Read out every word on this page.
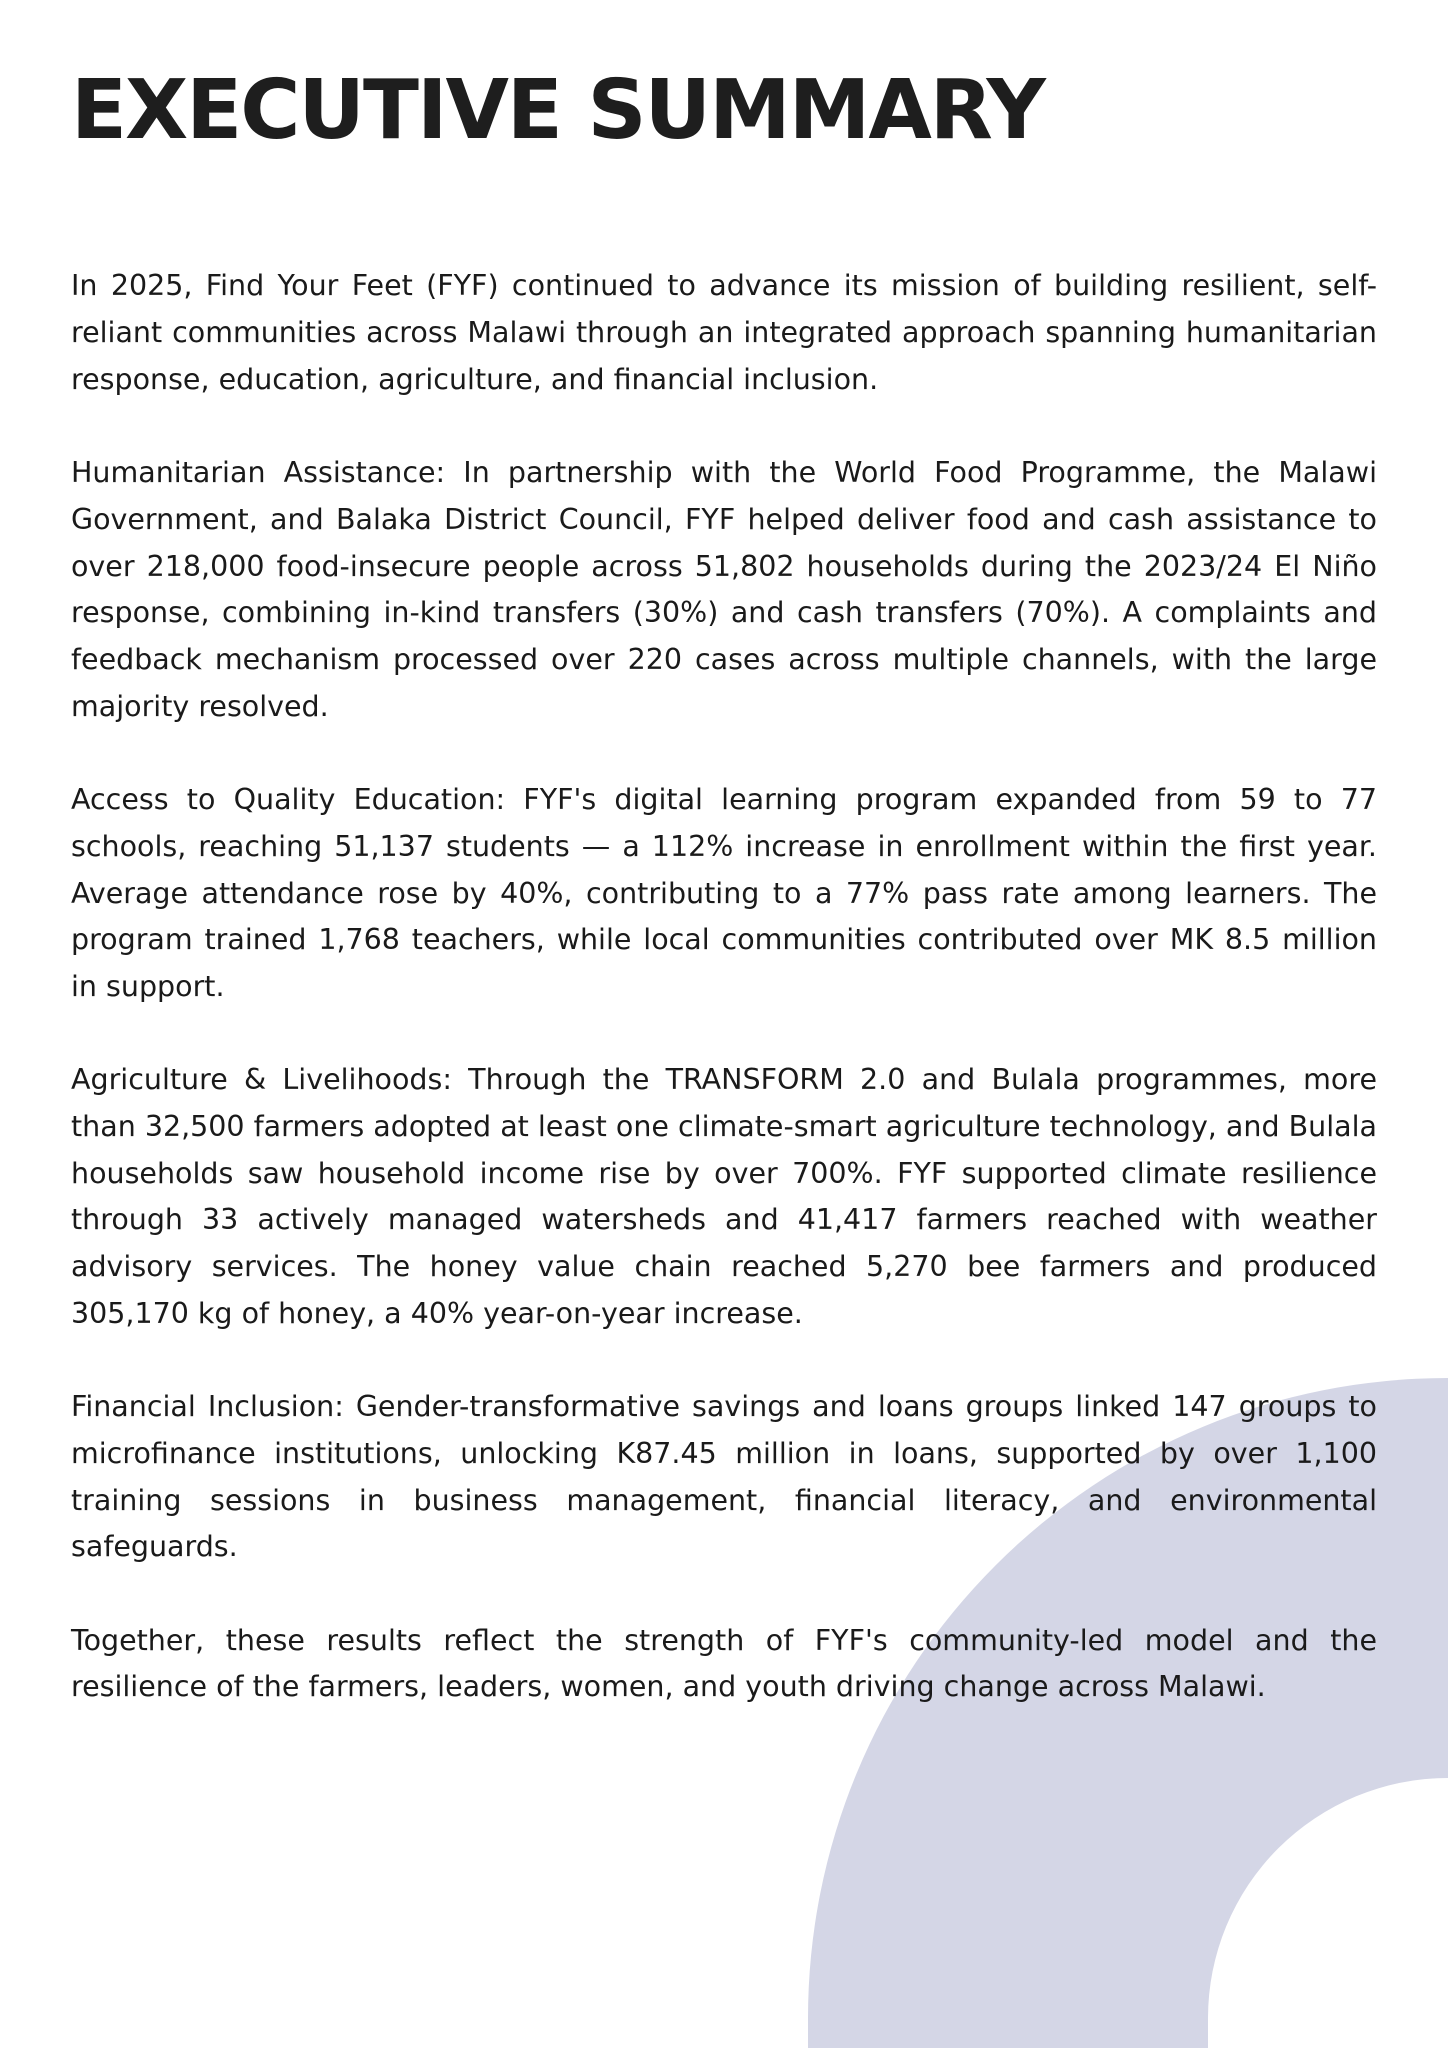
EXECUTIVE SUMMARY

In 2025, Find Your Feet (FYF) continued to advance its mission of building resilient, self-reliant communities across Malawi through an integrated approach spanning humanitarian response, education, agriculture, and financial inclusion.

Humanitarian Assistance: In partnership with the World Food Programme, the Malawi Government, and Balaka District Council, FYF helped deliver food and cash assistance to over 218,000 food-insecure people across 51,802 households during the 2023/24 El Niño response, combining in-kind transfers (30%) and cash transfers (70%). A complaints and feedback mechanism processed over 220 cases across multiple channels, with the large majority resolved.

Access to Quality Education: FYF's digital learning program expanded from 59 to 77 schools, reaching 51,137 students — a 112% increase in enrollment within the first year. Average attendance rose by 40%, contributing to a 77% pass rate among learners. The program trained 1,768 teachers, while local communities contributed over MK 8.5 million in support.

Agriculture & Livelihoods: Through the TRANSFORM 2.0 and Bulala programmes, more than 32,500 farmers adopted at least one climate-smart agriculture technology, and Bulala households saw household income rise by over 700%. FYF supported climate resilience through 33 actively managed watersheds and 41,417 farmers reached with weather advisory services. The honey value chain reached 5,270 bee farmers and produced 305,170 kg of honey, a 40% year-on-year increase.

Financial Inclusion: Gender-transformative savings and loans groups linked 147 groups to microfinance institutions, unlocking K87.45 million in loans, supported by over 1,100 training sessions in business management, financial literacy, and environmental safeguards.

Together, these results reflect the strength of FYF's community-led model and the resilience of the farmers, leaders, women, and youth driving change across Malawi.
